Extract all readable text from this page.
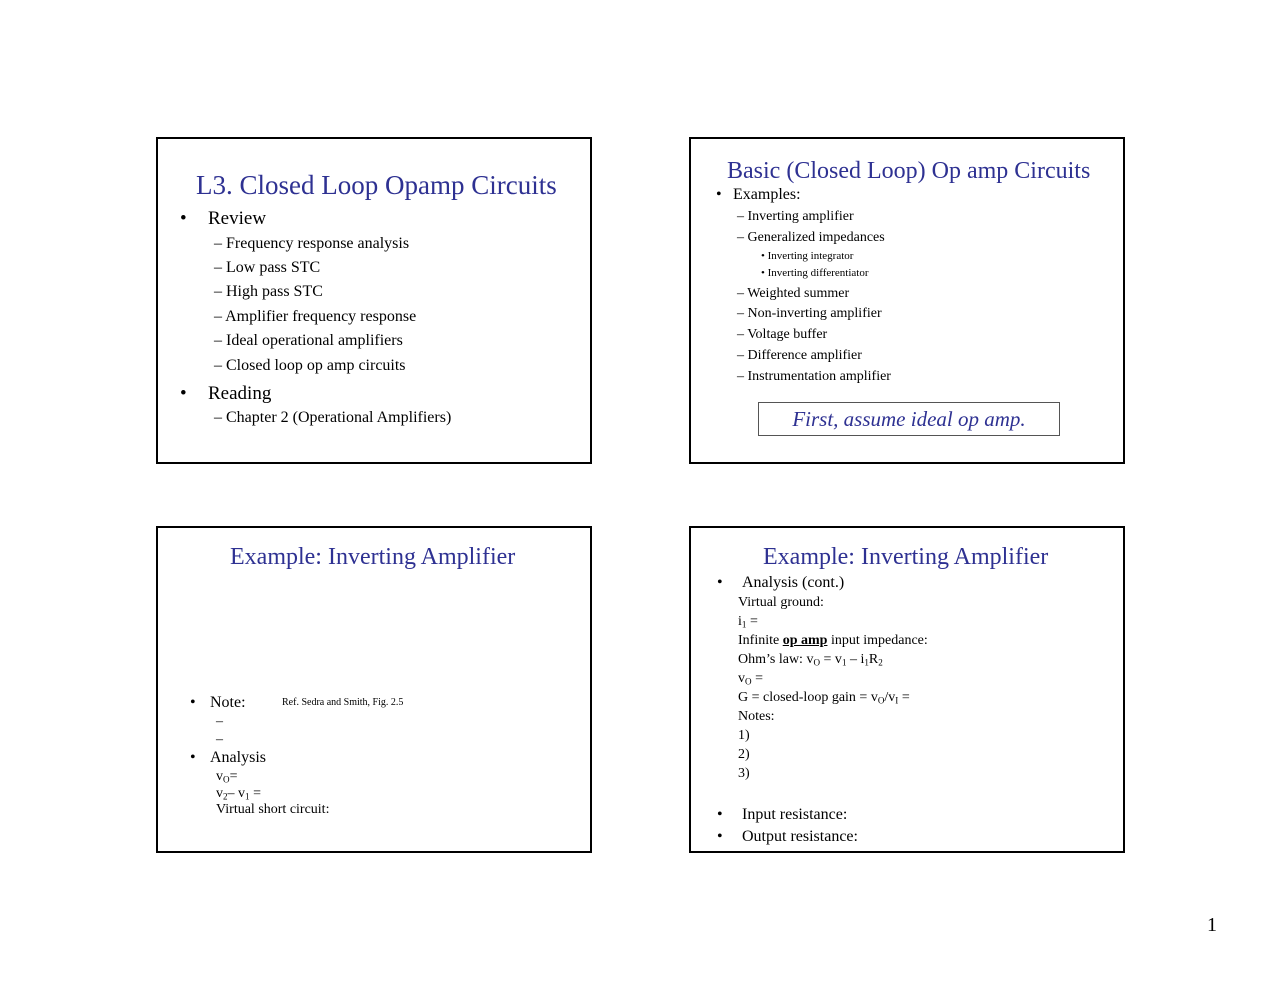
L3. Closed Loop Opamp Circuits
• Review
– Frequency response analysis
– Low pass STC
– High pass STC
– Amplifier frequency response
– Ideal operational amplifiers
– Closed loop op amp circuits
• Reading
– Chapter 2 (Operational Amplifiers)
Basic (Closed Loop) Op amp Circuits
• Examples:
– Inverting amplifier
– Generalized impedances
• Inverting integrator
• Inverting differentiator
– Weighted summer
– Non-inverting amplifier
– Voltage buffer
– Difference amplifier
– Instrumentation amplifier
First, assume ideal op amp.
Example: Inverting Amplifier
• Note:	Ref. Sedra and Smith, Fig. 2.5
–
–
• Analysis
$v_O=$
$v_2-$ $v_1$ =
Virtual short circuit:
Example: Inverting Amplifier
• Analysis (cont.)
Virtual ground:
$i_1$ =
Infinite op amp input impedance:
Ohm’s law: $v_O = v_1 - i_1R_2$
$v_O$ =
G = closed-loop gain = $v_O/v_I$ =
Notes:
1)
2)
3)
• Input resistance:
• Output resistance:
1
